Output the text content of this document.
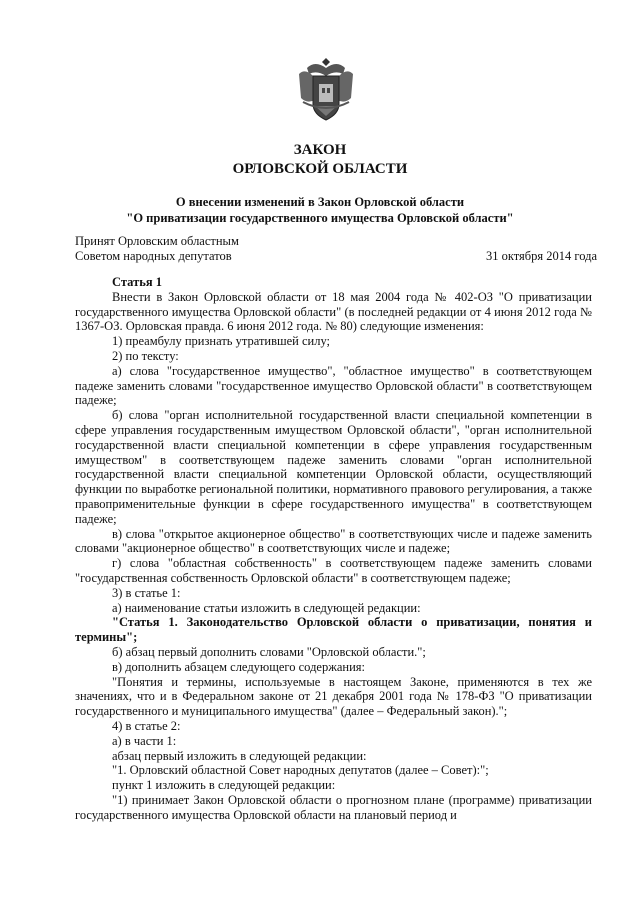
ЗАКОН
ОРЛОВСКОЙ ОБЛАСТИ
О внесении изменений в Закон Орловской области
"О приватизации государственного имущества Орловской области"
Принят Орловским областным
Советом народных депутатов	31 октября 2014 года

Статья 1

Внести в Закон Орловской области от 18 мая 2004 года № 402-ОЗ "О приватизации государственного имущества Орловской области" (в последней редакции от 4 июня 2012 года № 1367-ОЗ. Орловская правда. 6 июня 2012 года. № 80) следующие изменения:

1) преамбулу признать утратившей силу;

2) по тексту:

а) слова "государственное имущество", "областное имущество" в соответствующем падеже заменить словами "государственное имущество Орловской области" в соответствующем падеже;

б) слова "орган исполнительной государственной власти специальной компетенции в сфере управления государственным имуществом Орловской области", "орган исполнительной государственной власти специальной компетенции в сфере управления государственным имуществом" в соответствующем падеже заменить словами "орган исполнительной государственной власти специальной компетенции Орловской области, осуществляющий функции по выработке региональной политики, нормативного правового регулирования, а также правоприменительные функции в сфере государственного имущества" в соответствующем падеже;

в) слова "открытое акционерное общество" в соответствующих числе и падеже заменить словами "акционерное общество" в соответствующих числе и падеже;

г) слова "областная собственность" в соответствующем падеже заменить словами "государственная собственность Орловской области" в соответствующем падеже;

3) в статье 1:

а) наименование статьи изложить в следующей редакции:

"Статья 1. Законодательство Орловской области о приватизации, понятия и термины";

б) абзац первый дополнить словами "Орловской области.";

в) дополнить абзацем следующего содержания:

"Понятия и термины, используемые в настоящем Законе, применяются в тех же значениях, что и в Федеральном законе от 21 декабря 2001 года № 178-ФЗ "О приватизации государственного и муниципального имущества" (далее – Федеральный закон).";

4) в статье 2:

а) в части 1:

абзац первый изложить в следующей редакции:

"1. Орловский областной Совет народных депутатов (далее – Совет):";

пункт 1 изложить в следующей редакции:

"1) принимает Закон Орловской области о прогнозном плане (программе) приватизации государственного имущества Орловской области на плановый период и
